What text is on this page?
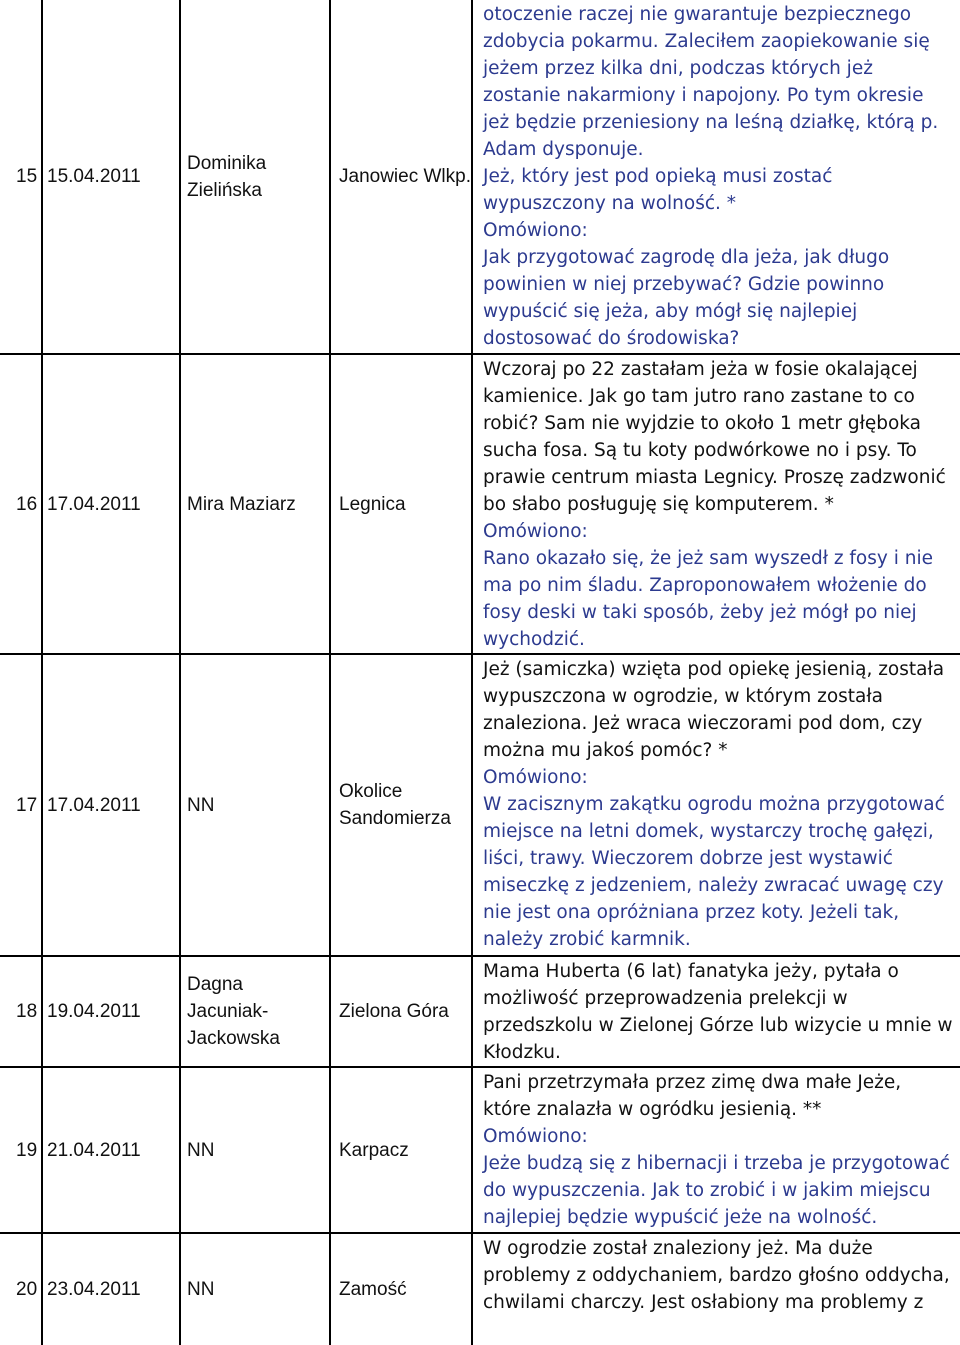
15	15.04.2011	Dominika Zielińska	Janowiec Wlkp.	otoczenie raczej nie gwarantuje bezpiecznego zdobycia pokarmu. Zaleciłem zaopiekowanie się jeżem przez kilka dni, podczas których jeż zostanie nakarmiony i napojony. Po tym okresie jeż będzie przeniesiony na leśną działkę, którą p. Adam dysponuje.

Jeż, który jest pod opieką musi zostać wypuszczony na wolność. *

Omówiono:

Jak przygotować zagrodę dla jeża, jak długo powinien w niej przebywać? Gdzie powinno wypuścić się jeża, aby mógł się najlepiej dostosować do środowiska?

16	17.04.2011	Mira Maziarz	Legnica	Wczoraj po 22 zastałam jeża w fosie okalającej kamienice. Jak go tam jutro rano zastane to co robić? Sam nie wyjdzie to około 1 metr głęboka sucha fosa. Są tu koty podwórkowe no i psy. To prawie centrum miasta Legnicy. Proszę zadzwonić bo słabo posługuję się komputerem. *

Omówiono:

Rano okazało się, że jeż sam wyszedł z fosy i nie ma po nim śladu. Zaproponowałem włożenie do fosy deski w taki sposób, żeby jeż mógł po niej wychodzić.

17	17.04.2011	NN	Okolice Sandomierza	Jeż (samiczka) wzięta pod opiekę jesienią, została wypuszczona w ogrodzie, w którym została znaleziona. Jeż wraca wieczorami pod dom, czy można mu jakoś pomóc? *

Omówiono:

W zacisznym zakątku ogrodu można przygotować miejsce na letni domek, wystarczy trochę gałęzi, liści, trawy. Wieczorem dobrze jest wystawić miseczkę z jedzeniem, należy zwracać uwagę czy nie jest ona opróżniana przez koty. Jeżeli tak, należy zrobić karmnik.

18	19.04.2011	Dagna Jacuniak-Jackowska	Zielona Góra	Mama Huberta (6 lat) fanatyka jeży, pytała o możliwość przeprowadzenia prelekcji w przedszkolu w Zielonej Górze lub wizycie u mnie w Kłodzku.

19	21.04.2011	NN	Karpacz	Pani przetrzymała przez zimę dwa małe Jeże, które znalazła w ogródku jesienią. **

Omówiono:

Jeże budzą się z hibernacji i trzeba je przygotować do wypuszczenia. Jak to zrobić i w jakim miejscu najlepiej będzie wypuścić jeże na wolność.

20	23.04.2011	NN	Zamość	W ogrodzie został znaleziony jeż. Ma duże problemy z oddychaniem, bardzo głośno oddycha, chwilami charczy. Jest osłabiony ma problemy z
